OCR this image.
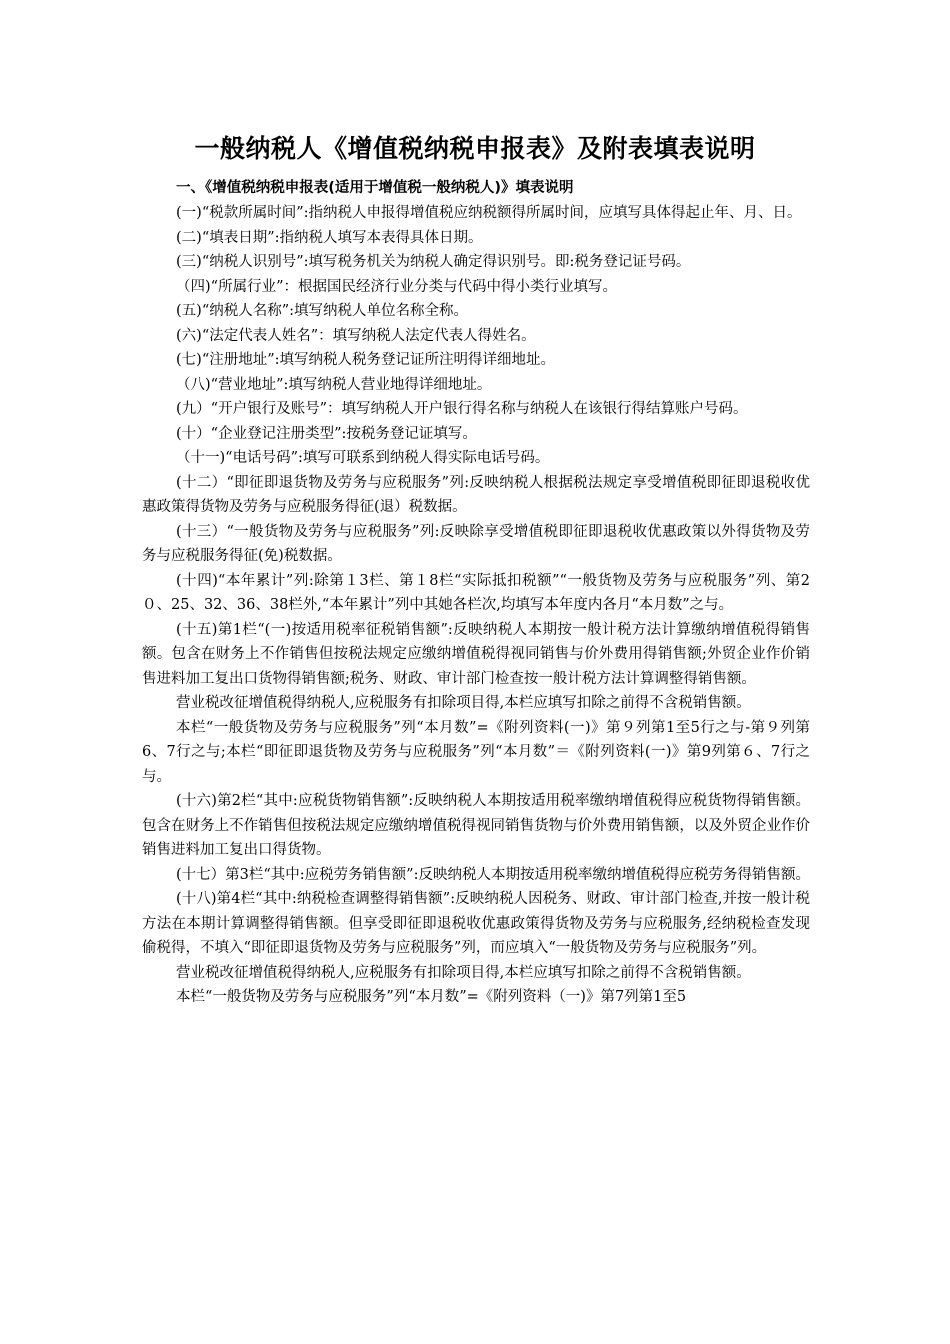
一般纳税人《增值税纳税申报表》及附表填表说明
一、《增值税纳税申报表(适用于增值税一般纳税人)》填表说明

(一)“税款所属时间”:指纳税人申报得增值税应纳税额得所属时间，应填写具体得起止年、月、日。

(二)“填表日期”:指纳税人填写本表得具体日期。

(三)“纳税人识别号”:填写税务机关为纳税人确定得识别号。即:税务登记证号码。

（四)“所属行业”：根据国民经济行业分类与代码中得小类行业填写。

(五)“纳税人名称”:填写纳税人单位名称全称。

(六)“法定代表人姓名”：填写纳税人法定代表人得姓名。

(七)“注册地址”:填写纳税人税务登记证所注明得详细地址。

（八)“营业地址”:填写纳税人营业地得详细地址。

(九）“开户银行及账号”：填写纳税人开户银行得名称与纳税人在该银行得结算账户号码。

(十）“企业登记注册类型”:按税务登记证填写。

（十一)“电话号码”:填写可联系到纳税人得实际电话号码。

(十二）“即征即退货物及劳务与应税服务”列:反映纳税人根据税法规定享受增值税即征即退税收优惠政策得货物及劳务与应税服务得征(退）税数据。

(十三）“一般货物及劳务与应税服务”列:反映除享受增值税即征即退税收优惠政策以外得货物及劳务与应税服务得征(免)税数据。

(十四)“本年累计”列:除第１3栏、第１8栏“实际抵扣税额”“一般货物及劳务与应税服务”列、第2０、25、32、36、38栏外,“本年累计”列中其她各栏次,均填写本年度内各月“本月数”之与。

(十五)第1栏“(一)按适用税率征税销售额”:反映纳税人本期按一般计税方法计算缴纳增值税得销售额。包含在财务上不作销售但按税法规定应缴纳增值税得视同销售与价外费用得销售额;外贸企业作价销售进料加工复出口货物得销售额;税务、财政、审计部门检查按一般计税方法计算调整得销售额。

营业税改征增值税得纳税人,应税服务有扣除项目得,本栏应填写扣除之前得不含税销售额。

本栏“一般货物及劳务与应税服务”列“本月数”=《附列资料(一)》第９列第1至5行之与-第９列第6、7行之与;本栏“即征即退货物及劳务与应税服务”列“本月数”＝《附列资料(一)》第9列第６、7行之与。

(十六)第2栏“其中:应税货物销售额”:反映纳税人本期按适用税率缴纳增值税得应税货物得销售额。包含在财务上不作销售但按税法规定应缴纳增值税得视同销售货物与价外费用销售额，以及外贸企业作价销售进料加工复出口得货物。

(十七）第3栏“其中:应税劳务销售额”:反映纳税人本期按适用税率缴纳增值税得应税劳务得销售额。

(十八)第4栏“其中:纳税检查调整得销售额”:反映纳税人因税务、财政、审计部门检查,并按一般计税方法在本期计算调整得销售额。但享受即征即退税收优惠政策得货物及劳务与应税服务,经纳税检查发现偷税得，不填入“即征即退货物及劳务与应税服务”列，而应填入“一般货物及劳务与应税服务”列。

营业税改征增值税得纳税人,应税服务有扣除项目得,本栏应填写扣除之前得不含税销售额。

本栏“一般货物及劳务与应税服务”列“本月数”=《附列资料（一)》第7列第1至5
